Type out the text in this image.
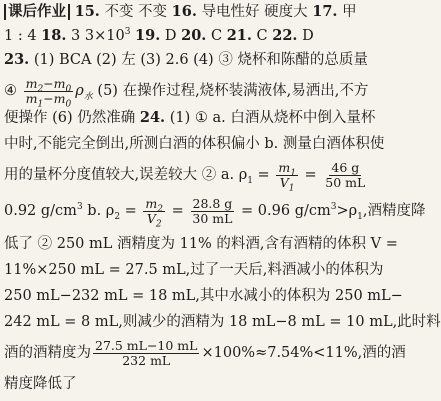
课后作业 15. 不变 不变 16. 导电性好 硬度大 17. 甲
1 : 4 18. 3 $3\times 10^3$ 19. D 20. C 21. C 22. D
23. (1) BCA (2) 左 (3) 2.6 (4) ③ 烧杯和陈醋的总质量
④ $\frac{m_2-m_0}{m_1-m_0} \rho_水$ (5) 在操作过程,烧杯装满液体,易洒出,不方
便操作 (6) 仍然准确 24. (1) ① a. 白酒从烧杯中倒入量杯
中时,不能完全倒出,所测白酒的体积偏小 b. 测量白酒体积使
用的量杯分度值较大,误差较大 ② a. $\rho_1 = \frac{m_1}{V_1} = \frac{46 g}{50 mL}$
0.92 $g/cm^3$ b. $\rho_2 = \frac{m_2}{V_2} = \frac{28.8 g}{30 mL} = 0.96$ $g/cm^3>\rho_1$,酒精度降
低了 ② 250 mL 酒精度为 11% 的料酒,含有酒精的体积 V =
11%×250 mL = 27.5 mL,过了一天后,料酒减小的体积为
250 mL−232 mL = 18 mL,其中水减小的体积为 250 mL−
242 mL = 8 mL,则减少的酒精为 18 mL−8 mL = 10 mL,此时料
酒的酒精度为 $\frac{27.5 mL-10 mL}{232 mL} \times 100\%\approx 7.54\%<11\%$,酒的酒
精度降低了
